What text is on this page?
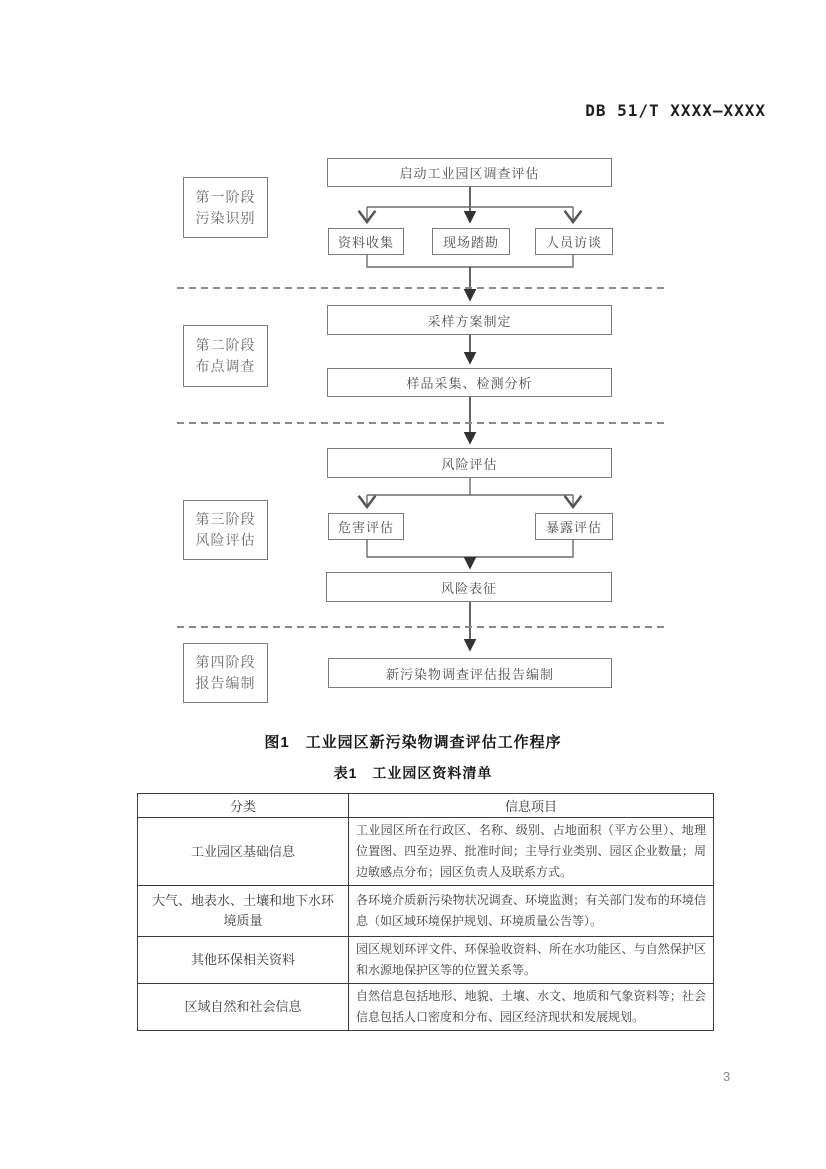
DB 51/T XXXX—XXXX
第一阶段
污染识别
第二阶段
布点调查
第三阶段
风险评估
第四阶段
报告编制
启动工业园区调查评估
资料收集	现场踏勘	人员访谈
采样方案制定
样品采集、检测分析
风险评估
危害评估	暴露评估
风险表征
新污染物调查评估报告编制
图1　工业园区新污染物调查评估工作程序
表1　工业园区资料清单
分类	信息项目
工业园区基础信息	工业园区所在行政区、名称、级别、占地面积（平方公里）、地理位置图、四至边界、批准时间；主导行业类别、园区企业数量；周边敏感点分布；园区负责人及联系方式。
大气、地表水、土壤和地下水环境质量	各环境介质新污染物状况调查、环境监测；有关部门发布的环境信息（如区域环境保护规划、环境质量公告等）。
其他环保相关资料	园区规划环评文件、环保验收资料、所在水功能区、与自然保护区和水源地保护区等的位置关系等。
区域自然和社会信息	自然信息包括地形、地貌、土壤、水文、地质和气象资料等；社会信息包括人口密度和分布、园区经济现状和发展规划。
3
